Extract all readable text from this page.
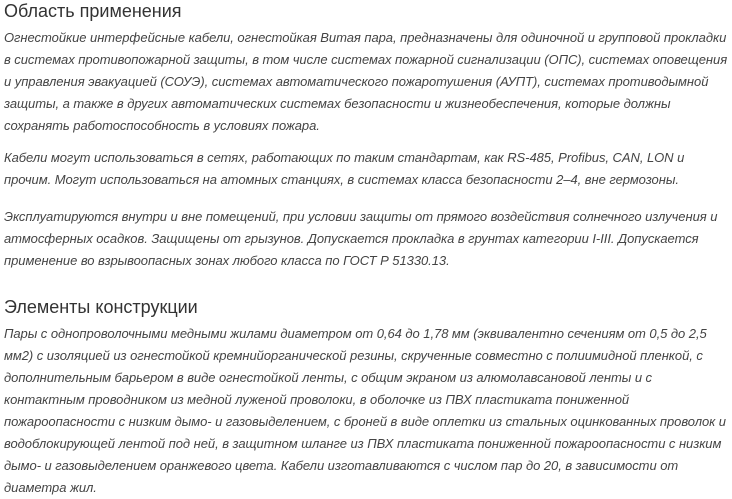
Область применения

Огнестойкие интерфейсные кабели, огнестойкая Витая пара, предназначены для одиночной и групповой прокладки в системах противопожарной защиты, в том числе системах пожарной сигнализации (ОПС), системах оповещения и управления эвакуацией (СОУЭ), системах автоматического пожаротушения (АУПТ), системах противодымной защиты, а также в других автоматических системах безопасности и жизнеобеспечения, которые должны сохранять работоспособность в условиях пожара.

Кабели могут использоваться в сетях, работающих по таким стандартам, как RS-485, Profibus, CAN, LON и прочим. Могут использоваться на атомных станциях, в системах класса безопасности 2–4, вне гермозоны.

Эксплуатируются внутри и вне помещений, при условии защиты от прямого воздействия солнечного излучения и атмосферных осадков. Защищены от грызунов. Допускается прокладка в грунтах категории I-III. Допускается применение во взрывоопасных зонах любого класса по ГОСТ Р 51330.13.

Элементы конструкции

Пары с однопроволочными медными жилами диаметром от 0,64 до 1,78 мм (эквивалентно сечениям от 0,5 до 2,5 мм2) с изоляцией из огнестойкой кремнийорганической резины, скрученные совместно с полиимидной пленкой, с дополнительным барьером в виде огнестойкой ленты, с общим экраном из алюмолавсановой ленты и с контактным проводником из медной луженой проволоки, в оболочке из ПВХ пластиката пониженной пожароопасности с низким дымо- и газовыделением, с броней в виде оплетки из стальных оцинкованных проволок и водоблокирующей лентой под ней, в защитном шланге из ПВХ пластиката пониженной пожароопасности с низким дымо- и газовыделением оранжевого цвета. Кабели изготавливаются с числом пар до 20, в зависимости от диаметра жил.
